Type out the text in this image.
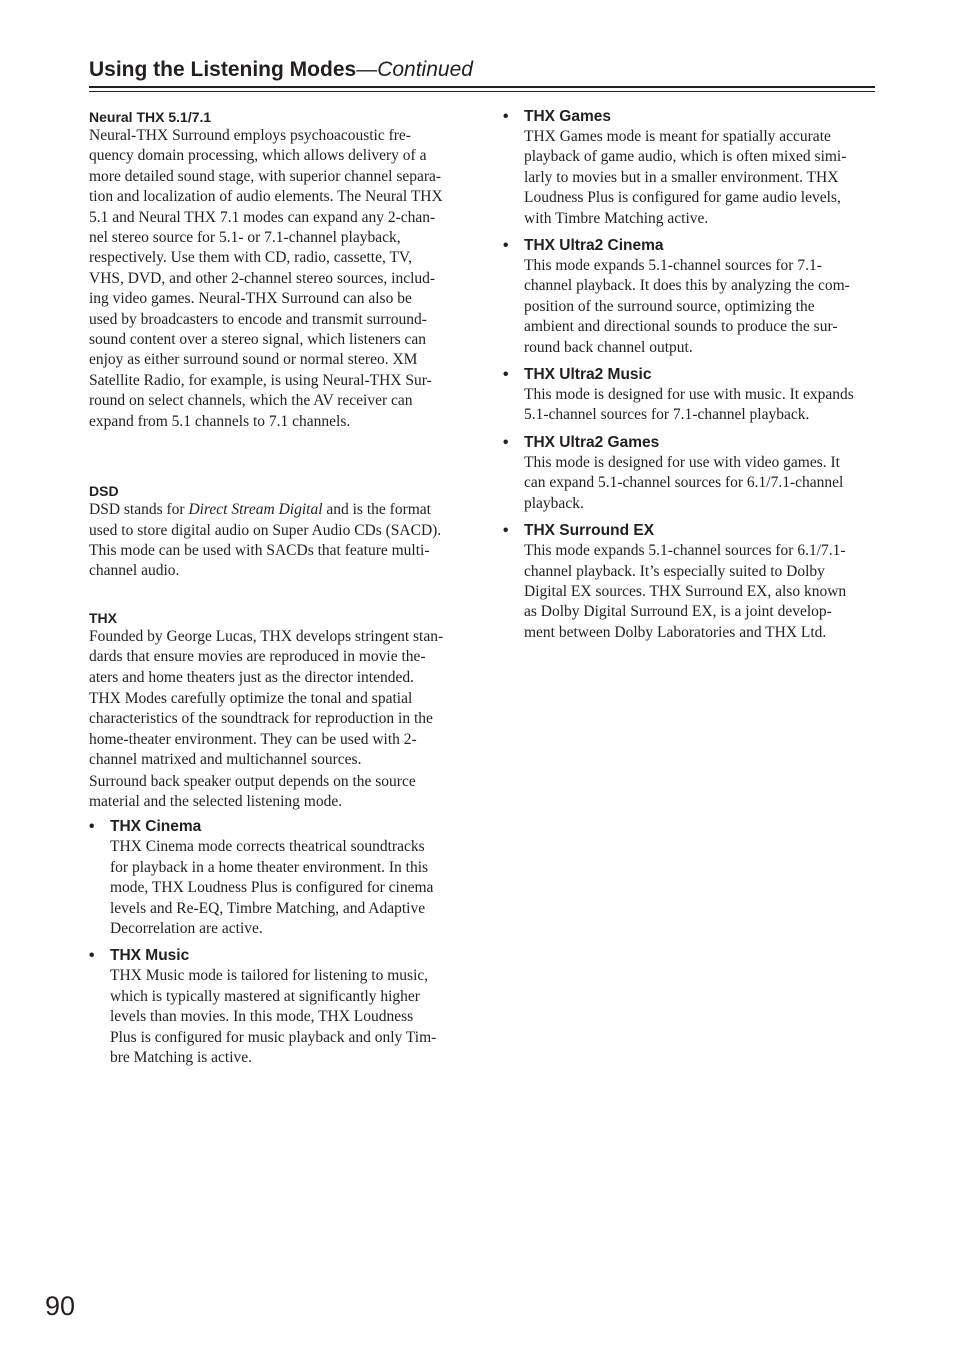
Using the Listening Modes—Continued
Neural THX 5.1/7.1
Neural-THX Surround employs psychoacoustic fre-
quency domain processing, which allows delivery of a
more detailed sound stage, with superior channel separa-
tion and localization of audio elements. The Neural THX
5.1 and Neural THX 7.1 modes can expand any 2-chan-
nel stereo source for 5.1- or 7.1-channel playback,
respectively. Use them with CD, radio, cassette, TV,
VHS, DVD, and other 2-channel stereo sources, includ-
ing video games. Neural-THX Surround can also be
used by broadcasters to encode and transmit surround-
sound content over a stereo signal, which listeners can
enjoy as either surround sound or normal stereo. XM
Satellite Radio, for example, is using Neural-THX Sur-
round on select channels, which the AV receiver can
expand from 5.1 channels to 7.1 channels.
DSD
DSD stands for Direct Stream Digital and is the format
used to store digital audio on Super Audio CDs (SACD).
This mode can be used with SACDs that feature multi-
channel audio.
THX
Founded by George Lucas, THX develops stringent stan-
dards that ensure movies are reproduced in movie the-
aters and home theaters just as the director intended.
THX Modes carefully optimize the tonal and spatial
characteristics of the soundtrack for reproduction in the
home-theater environment. They can be used with 2-
channel matrixed and multichannel sources.
Surround back speaker output depends on the source
material and the selected listening mode.
• THX Cinema
THX Cinema mode corrects theatrical soundtracks
for playback in a home theater environment. In this
mode, THX Loudness Plus is configured for cinema
levels and Re-EQ, Timbre Matching, and Adaptive
Decorrelation are active.
• THX Music
THX Music mode is tailored for listening to music,
which is typically mastered at significantly higher
levels than movies. In this mode, THX Loudness
Plus is configured for music playback and only Tim-
bre Matching is active.
• THX Games
THX Games mode is meant for spatially accurate
playback of game audio, which is often mixed simi-
larly to movies but in a smaller environment. THX
Loudness Plus is configured for game audio levels,
with Timbre Matching active.
• THX Ultra2 Cinema
This mode expands 5.1-channel sources for 7.1-
channel playback. It does this by analyzing the com-
position of the surround source, optimizing the
ambient and directional sounds to produce the sur-
round back channel output.
• THX Ultra2 Music
This mode is designed for use with music. It expands
5.1-channel sources for 7.1-channel playback.
• THX Ultra2 Games
This mode is designed for use with video games. It
can expand 5.1-channel sources for 6.1/7.1-channel
playback.
• THX Surround EX
This mode expands 5.1-channel sources for 6.1/7.1-
channel playback. It’s especially suited to Dolby
Digital EX sources. THX Surround EX, also known
as Dolby Digital Surround EX, is a joint develop-
ment between Dolby Laboratories and THX Ltd.
90
